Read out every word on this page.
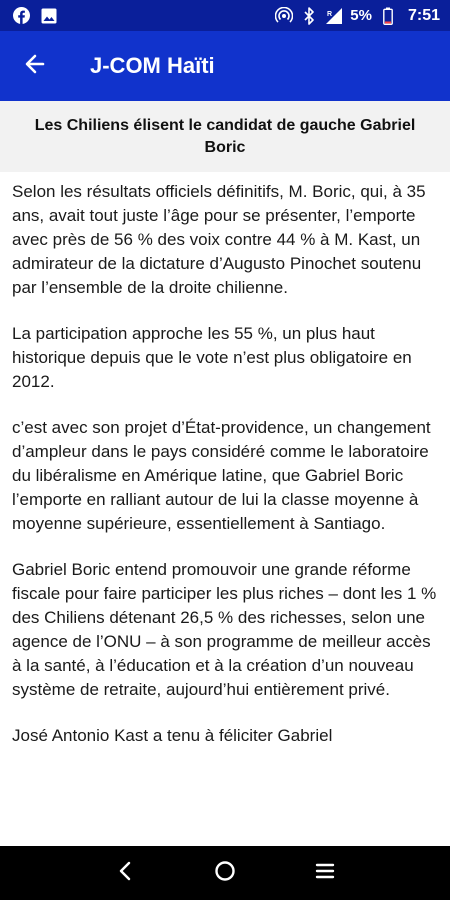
R 5% 7:51
J-COM Haïti
Les Chiliens élisent le candidat de gauche Gabriel Boric

Selon les résultats officiels définitifs, M. Boric, qui, à 35 ans, avait tout juste l’âge pour se présenter, l’emporte avec près de 56 % des voix contre 44 % à M. Kast, un admirateur de la dictature d’Augusto Pinochet soutenu par l’ensemble de la droite chilienne.

La participation approche les 55 %, un plus haut historique depuis que le vote n’est plus obligatoire en 2012.

c’est avec son projet d’État-providence, un changement d’ampleur dans le pays considéré comme le laboratoire du libéralisme en Amérique latine, que Gabriel Boric l’emporte en ralliant autour de lui la classe moyenne à moyenne supérieure, essentiellement à Santiago.

Gabriel Boric entend promouvoir une grande réforme fiscale pour faire participer les plus riches – dont les 1 % des Chiliens détenant 26,5 % des richesses, selon une agence de l’ONU – à son programme de meilleur accès à la santé, à l’éducation et à la création d’un nouveau système de retraite, aujourd’hui entièrement privé.

José Antonio Kast a tenu à féliciter Gabriel
